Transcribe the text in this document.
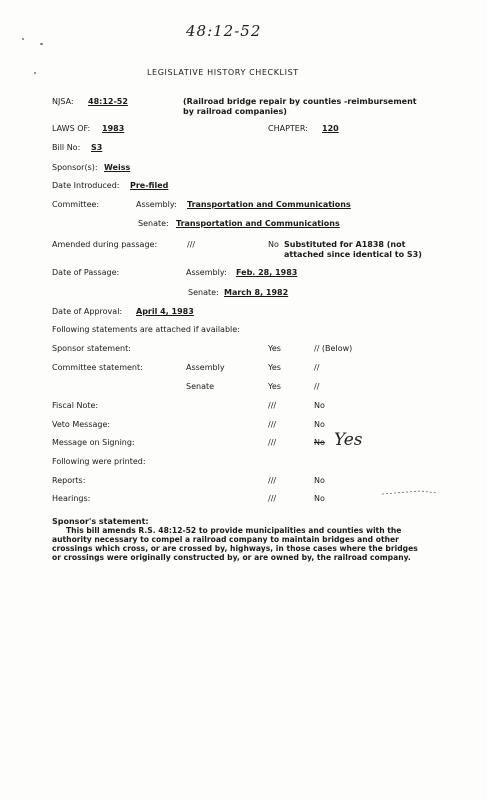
48:12-52
LEGISLATIVE HISTORY CHECKLIST
NJSA: 48:12-52	(Railroad bridge repair by counties -reimbursement by railroad companies)
LAWS OF: 1983	CHAPTER: 120
Bill No: S3
Sponsor(s): Weiss
Date Introduced: Pre-filed
Committee:	Assembly: Transportation and Communications
Senate: Transportation and Communications
Amended during passage:	///	No Substituted for A1838 (not attached since identical to S3)
Date of Passage:	Assembly: Feb. 28, 1983
Senate: March 8, 1982
Date of Approval: April 4, 1983
Following statements are attached if available:
Sponsor statement:	Yes	// (Below)
Committee statement:	Assembly	Yes	//
Senate	Yes	//
Fiscal Note:	///	No
Veto Message:	///	No
Message on Signing:	///	No Yes
Following were printed:
Reports:	///	No
Hearings:	///	No
Sponsor's statement:
This bill amends R.S. 48:12-52 to provide municipalities and counties with the
authority necessary to compel a railroad company to maintain bridges and other
crossings which cross, or are crossed by, highways, in those cases where the bridges
or crossings were originally constructed by, or are owned by, the railroad company.
